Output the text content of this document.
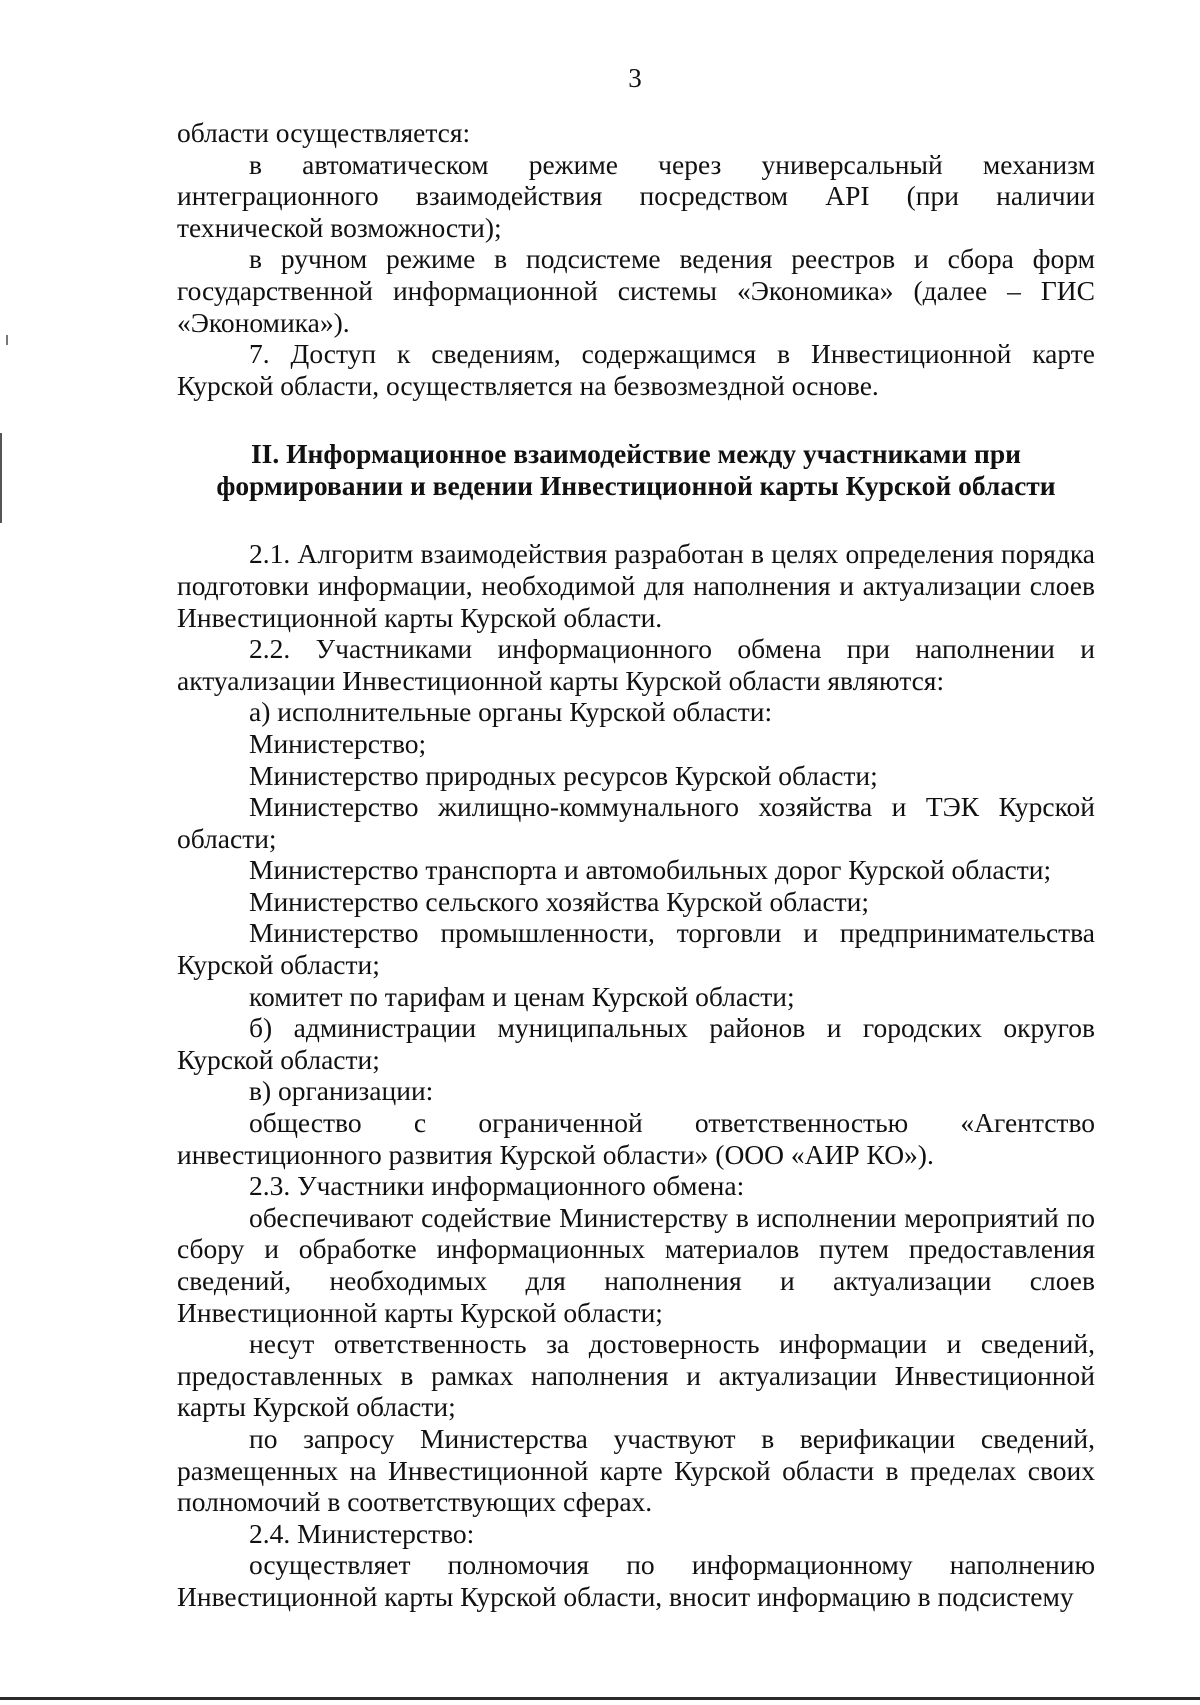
3

области осуществляется:

в автоматическом режиме через универсальный механизм интеграционного взаимодействия посредством API (при наличии технической возможности);

в ручном режиме в подсистеме ведения реестров и сбора форм государственной информационной системы «Экономика» (далее – ГИС «Экономика»).

7. Доступ к сведениям, содержащимся в Инвестиционной карте Курской области, осуществляется на безвозмездной основе.

II. Информационное взаимодействие между участниками при
формировании и ведении Инвестиционной карты Курской области

2.1. Алгоритм взаимодействия разработан в целях определения порядка подготовки информации, необходимой для наполнения и актуализации слоев Инвестиционной карты Курской области.

2.2. Участниками информационного обмена при наполнении и актуализации Инвестиционной карты Курской области являются:

а) исполнительные органы Курской области:

Министерство;

Министерство природных ресурсов Курской области;

Министерство жилищно-коммунального хозяйства и ТЭК Курской области;

Министерство транспорта и автомобильных дорог Курской области;

Министерство сельского хозяйства Курской области;

Министерство промышленности, торговли и предпринимательства Курской области;

комитет по тарифам и ценам Курской области;

б) администрации муниципальных районов и городских округов Курской области;

в) организации:

общество с ограниченной ответственностью «Агентство инвестиционного развития Курской области» (ООО «АИР КО»).

2.3. Участники информационного обмена:

обеспечивают содействие Министерству в исполнении мероприятий по сбору и обработке информационных материалов путем предоставления сведений, необходимых для наполнения и актуализации слоев Инвестиционной карты Курской области;

несут ответственность за достоверность информации и сведений, предоставленных в рамках наполнения и актуализации Инвестиционной карты Курской области;

по запросу Министерства участвуют в верификации сведений, размещенных на Инвестиционной карте Курской области в пределах своих полномочий в соответствующих сферах.

2.4. Министерство:

осуществляет полномочия по информационному наполнению Инвестиционной карты Курской области, вносит информацию в подсистему
